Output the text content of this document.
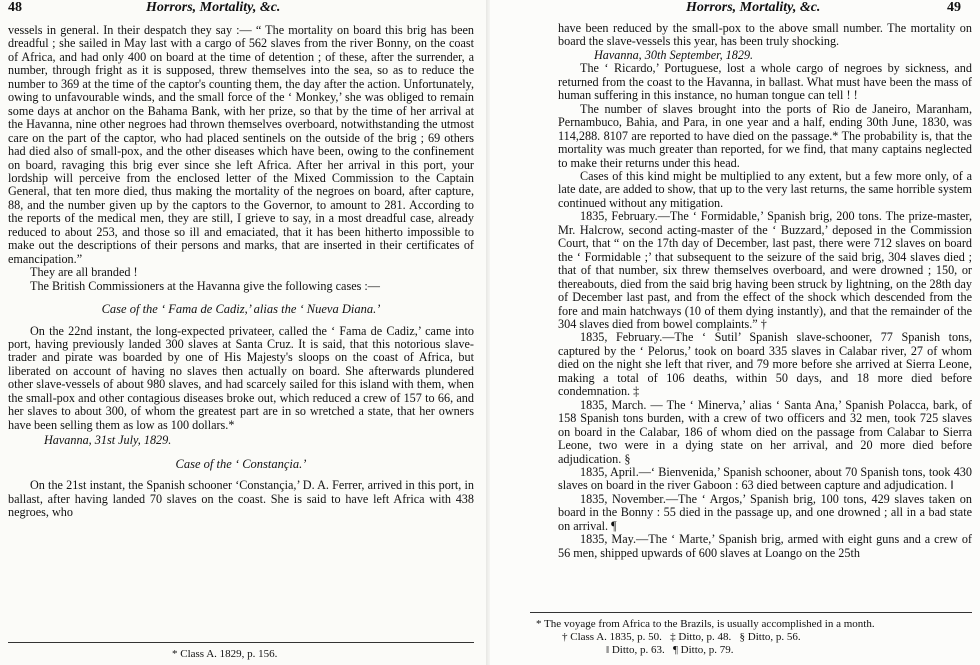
48	Horrors, Mortality, &c.

vessels in general. In their despatch they say :— “ The mortality on board this brig has been dreadful ; she sailed in May last with a cargo of 562 slaves from the river Bonny, on the coast of Africa, and had only 400 on board at the time of detention ; of these, after the surrender, a number, through fright as it is supposed, threw themselves into the sea, so as to reduce the number to 369 at the time of the captor's counting them, the day after the action. Unfortunately, owing to unfavourable winds, and the small force of the ‘ Monkey,’ she was obliged to remain some days at anchor on the Bahama Bank, with her prize, so that by the time of her arrival at the Havanna, nine other negroes had thrown themselves overboard, notwithstanding the utmost care on the part of the captor, who had placed sentinels on the outside of the brig ; 69 others had died also of small-pox, and the other diseases which have been, owing to the confinement on board, ravaging this brig ever since she left Africa. After her arrival in this port, your lordship will perceive from the enclosed letter of the Mixed Commission to the Captain General, that ten more died, thus making the mortality of the negroes on board, after capture, 88, and the number given up by the captors to the Governor, to amount to 281. According to the reports of the medical men, they are still, I grieve to say, in a most dreadful case, already reduced to about 253, and those so ill and emaciated, that it has been hitherto impossible to make out the descriptions of their persons and marks, that are inserted in their certificates of emancipation.”

They are all branded !

The British Commissioners at the Havanna give the following cases :—

Case of the ‘ Fama de Cadiz,’ alias the ‘ Nueva Diana.’

On the 22nd instant, the long-expected privateer, called the ‘ Fama de Cadiz,’ came into port, having previously landed 300 slaves at Santa Cruz. It is said, that this notorious slave-trader and pirate was boarded by one of His Majesty's sloops on the coast of Africa, but liberated on account of having no slaves then actually on board. She afterwards plundered other slave-vessels of about 980 slaves, and had scarcely sailed for this island with them, when the small-pox and other contagious diseases broke out, which reduced a crew of 157 to 66, and her slaves to about 300, of whom the greatest part are in so wretched a state, that her owners have been selling them as low as 100 dollars.*

Havanna, 31st July, 1829.

Case of the ‘ Constançia.’

On the 21st instant, the Spanish schooner ‘Constançia,’ D. A. Ferrer, arrived in this port, in ballast, after having landed 70 slaves on the coast. She is said to have left Africa with 438 negroes, who

* Class A. 1829, p. 156.
Horrors, Mortality, &c.	49

have been reduced by the small-pox to the above small number. The mortality on board the slave-vessels this year, has been truly shocking.

Havanna, 30th September, 1829.

The ‘ Ricardo,’ Portuguese, lost a whole cargo of negroes by sickness, and returned from the coast to the Havanna, in ballast. What must have been the mass of human suffering in this instance, no human tongue can tell ! !

The number of slaves brought into the ports of Rio de Janeiro, Maranham, Pernambuco, Bahia, and Para, in one year and a half, ending 30th June, 1830, was 114,288. 8107 are reported to have died on the passage.* The probability is, that the mortality was much greater than reported, for we find, that many captains neglected to make their returns under this head.

Cases of this kind might be multiplied to any extent, but a few more only, of a late date, are added to show, that up to the very last returns, the same horrible system continued without any mitigation.

1835, February.—The ‘ Formidable,’ Spanish brig, 200 tons. The prize-master, Mr. Halcrow, second acting-master of the ‘ Buzzard,’ deposed in the Commission Court, that “ on the 17th day of December, last past, there were 712 slaves on board the ‘ Formidable ;’ that subsequent to the seizure of the said brig, 304 slaves died ; that of that number, six threw themselves overboard, and were drowned ; 150, or thereabouts, died from the said brig having been struck by lightning, on the 28th day of December last past, and from the effect of the shock which descended from the fore and main hatchways (10 of them dying instantly), and that the remainder of the 304 slaves died from bowel complaints.” †

1835, February.—The ‘ Sutil’ Spanish slave-schooner, 77 Spanish tons, captured by the ‘ Pelorus,’ took on board 335 slaves in Calabar river, 27 of whom died on the night she left that river, and 79 more before she arrived at Sierra Leone, making a total of 106 deaths, within 50 days, and 18 more died before condemnation. ‡

1835, March. — The ‘ Minerva,’ alias ‘ Santa Ana,’ Spanish Polacca, bark, of 158 Spanish tons burden, with a crew of two officers and 32 men, took 725 slaves on board in the Calabar, 186 of whom died on the passage from Calabar to Sierra Leone, two were in a dying state on her arrival, and 20 more died before adjudication. §

1835, April.—‘ Bienvenida,’ Spanish schooner, about 70 Spanish tons, took 430 slaves on board in the river Gaboon : 63 died between capture and adjudication. ‖

1835, November.—The ‘ Argos,’ Spanish brig, 100 tons, 429 slaves taken on board in the Bonny : 55 died in the passage up, and one drowned ; all in a bad state on arrival. ¶

1835, May.—The ‘ Marte,’ Spanish brig, armed with eight guns and a crew of 56 men, shipped upwards of 600 slaves at Loango on the 25th

* The voyage from Africa to the Brazils, is usually accomplished in a month.
† Class A. 1835, p. 50.   ‡ Ditto, p. 48.   § Ditto, p. 56.
‖ Ditto, p. 63.   ¶ Ditto, p. 79.
